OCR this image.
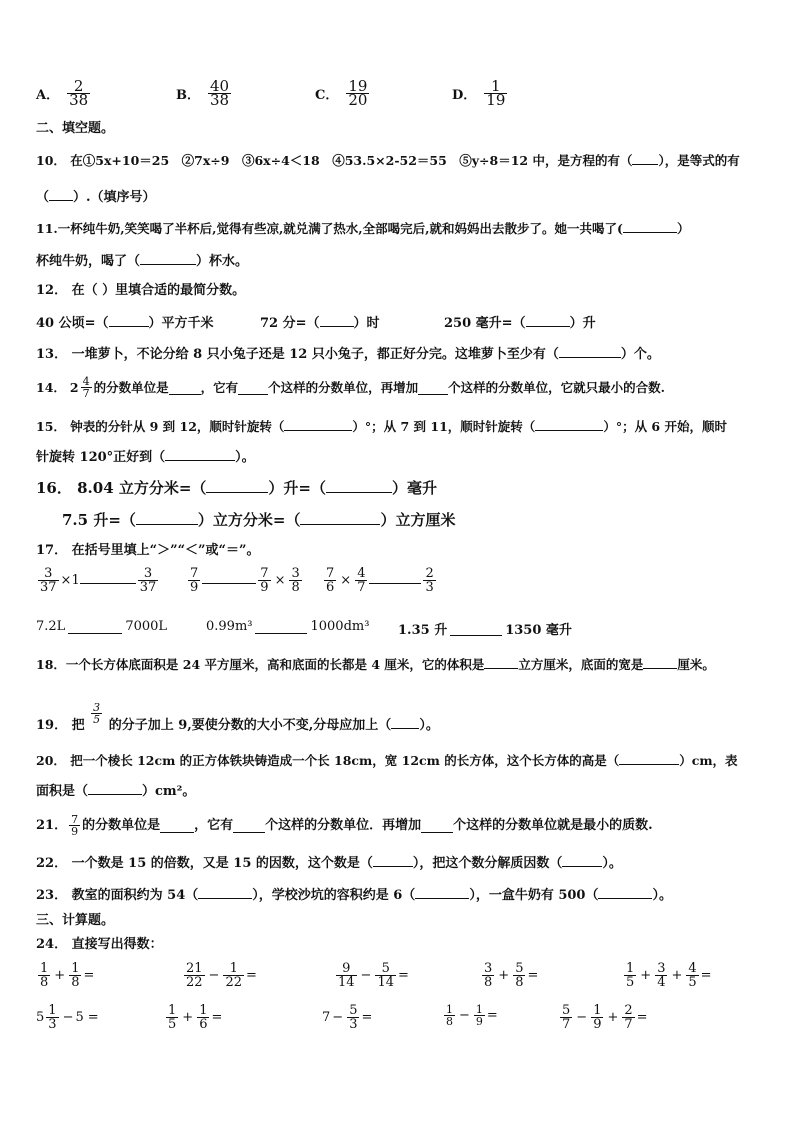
A． $\frac{2}{38}$	B． $\frac{40}{38}$	C． $\frac{19}{20}$	D． $\frac{1}{19}$
二、填空题。
10． 在①5x+10＝25　②7x÷9　③6x÷4＜18　④53.5×2-52＝55　⑤y÷8＝12 中，是方程的有（ ），是等式的有
（ ）.（填序号）
11.一杯纯牛奶,笑笑喝了半杯后,觉得有些凉,就兑满了热水,全部喝完后,就和妈妈出去散步了。她一共喝了(	）
杯纯牛奶，喝了（	）杯水。
12． 在（ ）里填合适的最简分数。
40 公顷=（	）平方千米	72 分=（	）时	250 毫升=（	）升
13． 一堆萝卜，不论分给 8 只小兔子还是 12 只小兔子，都正好分完。这堆萝卜至少有（	）个。
14． $2 \frac{4}{7}$ 的分数单位是	，它有 个这样的分数单位，再增加 个这样的分数单位，它就只最小的合数.
15． 钟表的分针从 9 到 12，顺时针旋转（	）°；从 7 到 11，顺时针旋转（	）°；从 6 开始，顺时
针旋转 120°正好到（	）。
16． 8.04 立方分米=（	）升=（	）毫升
7.5 升=（	）立方分米=（	）立方厘米
17． 在括号里填上“＞”“＜”或“＝”。
$\frac{3}{37} \times 1$	$\frac{3}{37} \frac{7}{9}$	$\frac{7}{9} \times \frac{3}{8} \frac{7}{6} \times \frac{4}{7}$	$\frac{2}{3}$
7.2L	7000L	0.99m³	1000dm³ 1.35 升	1350 毫升
18．一个长方体底面积是 24 平方厘米，高和底面的长都是 4 厘米，它的体积是	立方厘米，底面的宽是	厘米。
19． 把
$\frac{3}{5}$
的分子加上 9,要使分数的大小不变,分母应加上（ ）。
20． 把一个棱长 12cm 的正方体铁块铸造成一个长 18cm，宽 12cm 的长方体，这个长方体的高是（	）cm，表
面积是（	）cm²。
21． $\frac{7}{9}$ 的分数单位是	，它有 个这样的分数单位．再增加 个这样的分数单位就是最小的质数.
22． 一个数是 15 的倍数，又是 15 的因数，这个数是（	），把这个数分解质因数（	）。
23． 教室的面积约为 54（	），学校沙坑的容积约是 6（	），一盒牛奶有 500（	）。
三、计算题。
24． 直接写出得数：
$\frac{1}{8} + \frac{1}{8}$ =	$\frac{21}{22} - \frac{1}{22}$ =	$\frac{9}{14} - \frac{5}{14}$ =	$\frac{3}{8} + \frac{5}{8}$ =	$\frac{1}{5} + \frac{3}{4} + \frac{4}{5}$ =
$5 \frac{1}{3} - 5$ =	$\frac{1}{5} + \frac{1}{6}$ =	$7 - \frac{5}{3}$ =	$\frac{1}{8} - \frac{1}{9}$ =	$\frac{5}{7} - \frac{1}{9} + \frac{2}{7}$ =
